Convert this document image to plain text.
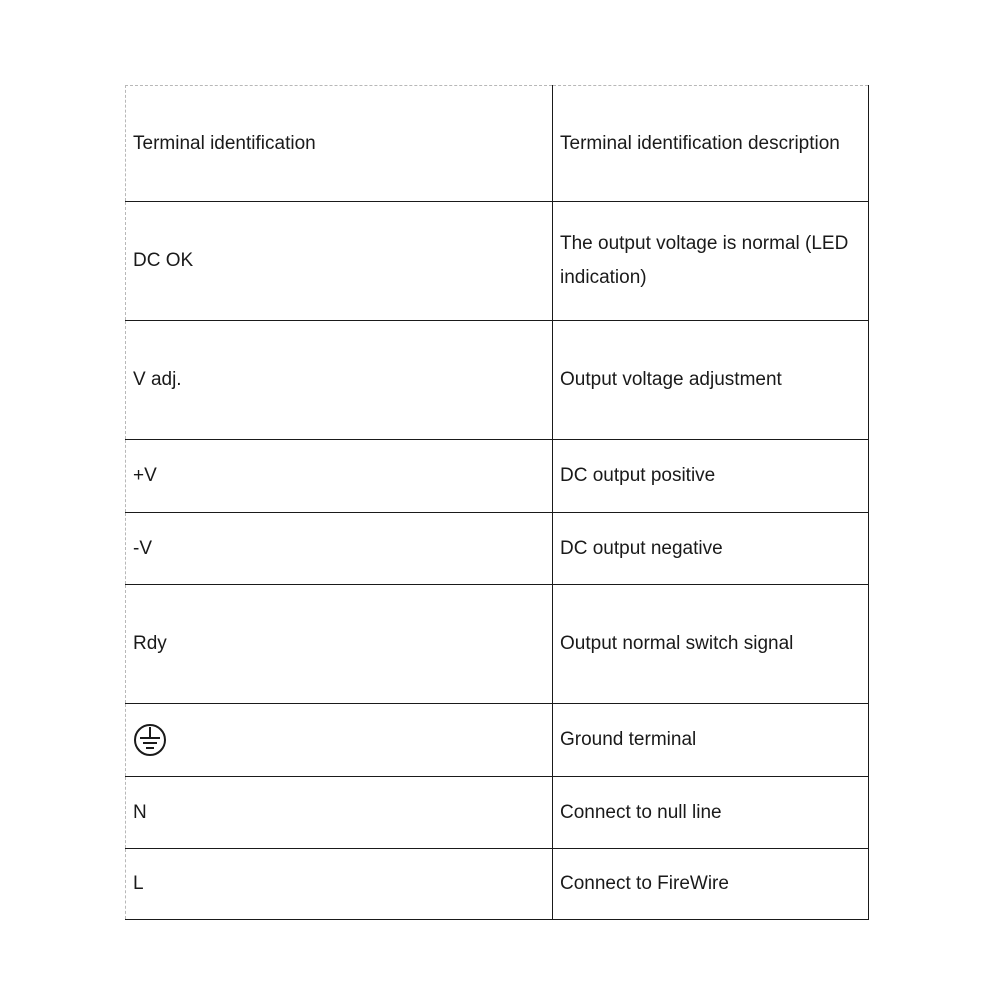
Terminal identification	Terminal identification description
DC OK	The output voltage is normal (LED indication)
V adj.	Output voltage adjustment
+V	DC output positive
-V	DC output negative
Rdy	Output normal switch signal

	Ground terminal
N	Connect to null line
L	Connect to FireWire
